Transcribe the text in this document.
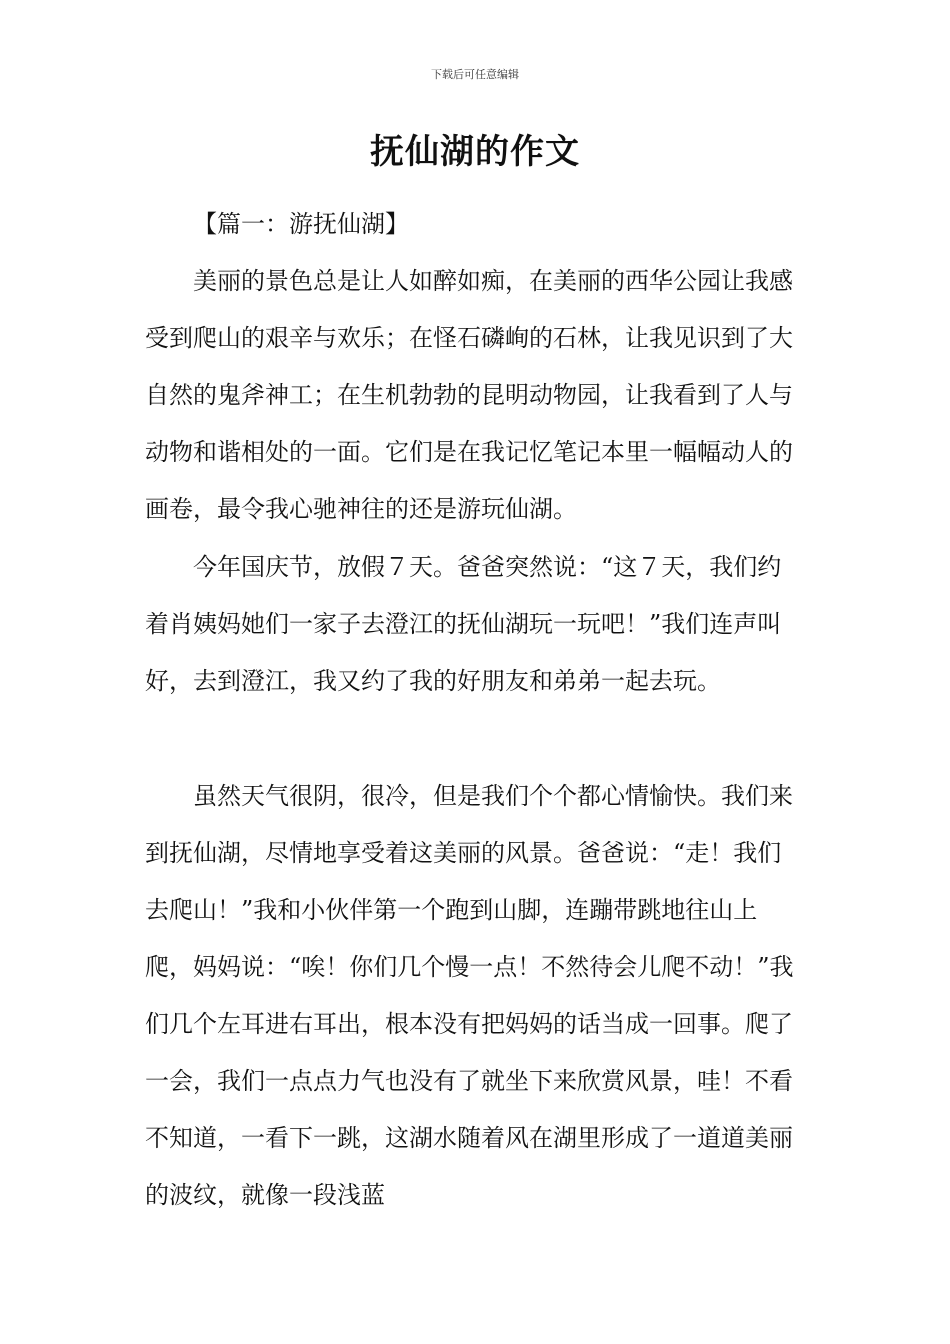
下载后可任意编辑
抚仙湖的作文

【篇一：游抚仙湖】

美丽的景色总是让人如醉如痴，在美丽的西华公园让我感受到爬山的艰辛与欢乐；在怪石磷峋的石林，让我见识到了大自然的鬼斧神工；在生机勃勃的昆明动物园，让我看到了人与动物和谐相处的一面。它们是在我记忆笔记本里一幅幅动人的画卷，最令我心驰神往的还是游玩仙湖。

今年国庆节，放假７天。爸爸突然说：“这７天，我们约着肖姨妈她们一家子去澄江的抚仙湖玩一玩吧！”我们连声叫好，去到澄江，我又约了我的好朋友和弟弟一起去玩。

虽然天气很阴，很冷，但是我们个个都心情愉快。我们来到抚仙湖，尽情地享受着这美丽的风景。爸爸说：“走！我们去爬山！”我和小伙伴第一个跑到山脚，连蹦带跳地往山上爬，妈妈说：“唉！你们几个慢一点！不然待会儿爬不动！”我们几个左耳进右耳出，根本没有把妈妈的话当成一回事。爬了一会，我们一点点力气也没有了就坐下来欣赏风景，哇！不看不知道，一看下一跳，这湖水随着风在湖里形成了一道道美丽的波纹，就像一段浅蓝
